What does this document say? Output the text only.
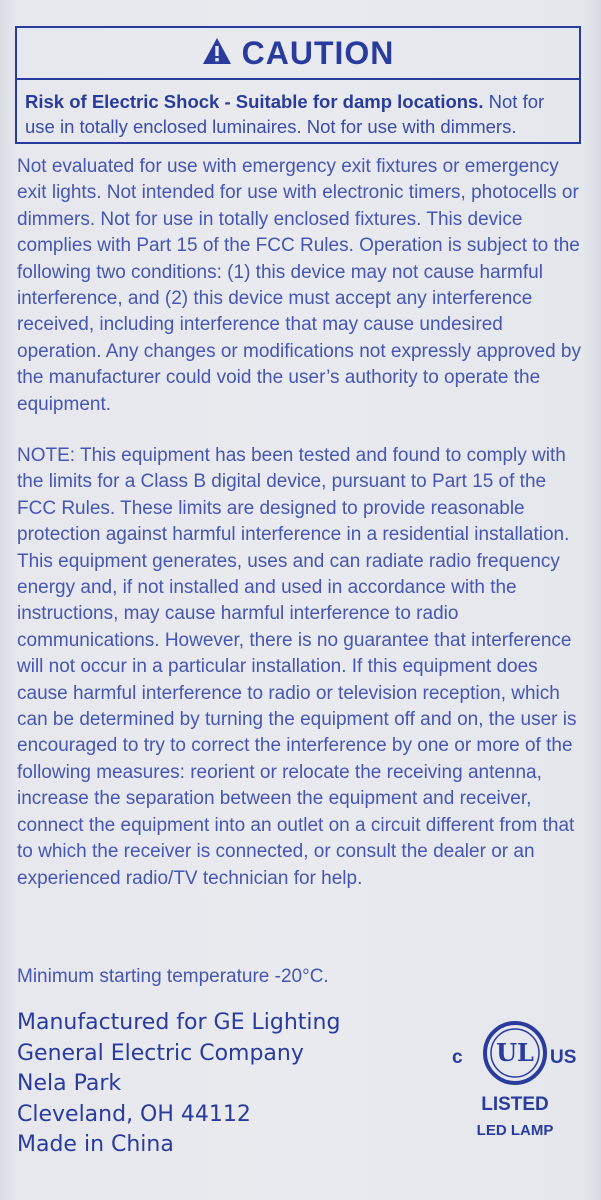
CAUTION
Risk of Electric Shock - Suitable for damp locations. Not for use in totally enclosed luminaires. Not for use with dimmers.

Not evaluated for use with emergency exit fixtures or emergency exit lights. Not intended for use with electronic timers, photocells or dimmers. Not for use in totally enclosed fixtures. This device complies with Part 15 of the FCC Rules. Operation is subject to the following two conditions: (1) this device may not cause harmful interference, and (2) this device must accept any interference received, including interference that may cause undesired operation. Any changes or modifications not expressly approved by the manufacturer could void the user’s authority to operate the equipment.

NOTE: This equipment has been tested and found to comply with the limits for a Class B digital device, pursuant to Part 15 of the FCC Rules. These limits are designed to provide reasonable protection against harmful interference in a residential installation. This equipment generates, uses and can radiate radio frequency energy and, if not installed and used in accordance with the instructions, may cause harmful interference to radio communications. However, there is no guarantee that interference will not occur in a particular installation. If this equipment does cause harmful interference to radio or television reception, which can be determined by turning the equipment off and on, the user is encouraged to try to correct the interference by one or more of the following measures: reorient or relocate the receiving antenna, increase the separation between the equipment and receiver, connect the equipment into an outlet on a circuit different from that to which the receiver is connected, or consult the dealer or an experienced radio/TV technician for help.

Minimum starting temperature -20°C.

Manufactured for GE Lighting
General Electric Company
Nela Park
Cleveland, OH 44112
Made in China
c UL US
LISTED
LED LAMP
